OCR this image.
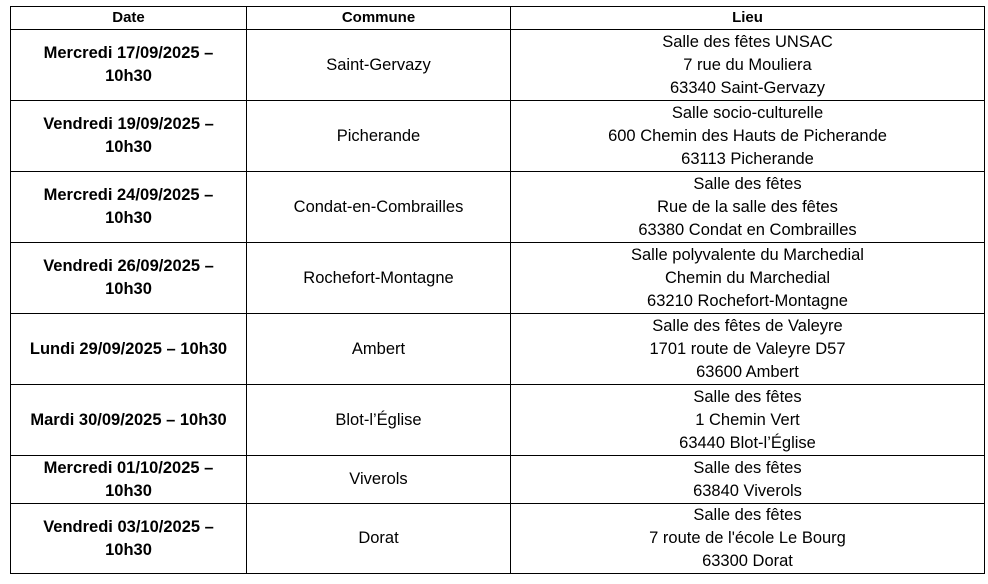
Date	Commune	Lieu

Mercredi 17/09/2025 –
10h30	Saint-Gervazy	Salle des fêtes UNSAC
7 rue du Mouliera
63340 Saint-Gervazy

Vendredi 19/09/2025 –
10h30	Picherande	Salle socio-culturelle
600 Chemin des Hauts de Picherande
63113 Picherande

Mercredi 24/09/2025 –
10h30	Condat-en-Combrailles	Salle des fêtes
Rue de la salle des fêtes
63380 Condat en Combrailles

Vendredi 26/09/2025 –
10h30	Rochefort-Montagne	Salle polyvalente du Marchedial
Chemin du Marchedial
63210 Rochefort-Montagne

Lundi 29/09/2025 – 10h30	Ambert	Salle des fêtes de Valeyre
1701 route de Valeyre D57
63600 Ambert

Mardi 30/09/2025 – 10h30	Blot-l’Église	Salle des fêtes
1 Chemin Vert
63440 Blot-l’Église

Mercredi 01/10/2025 –
10h30	Viverols	Salle des fêtes
63840 Viverols

Vendredi 03/10/2025 –
10h30	Dorat	Salle des fêtes
7 route de l'école Le Bourg
63300 Dorat
